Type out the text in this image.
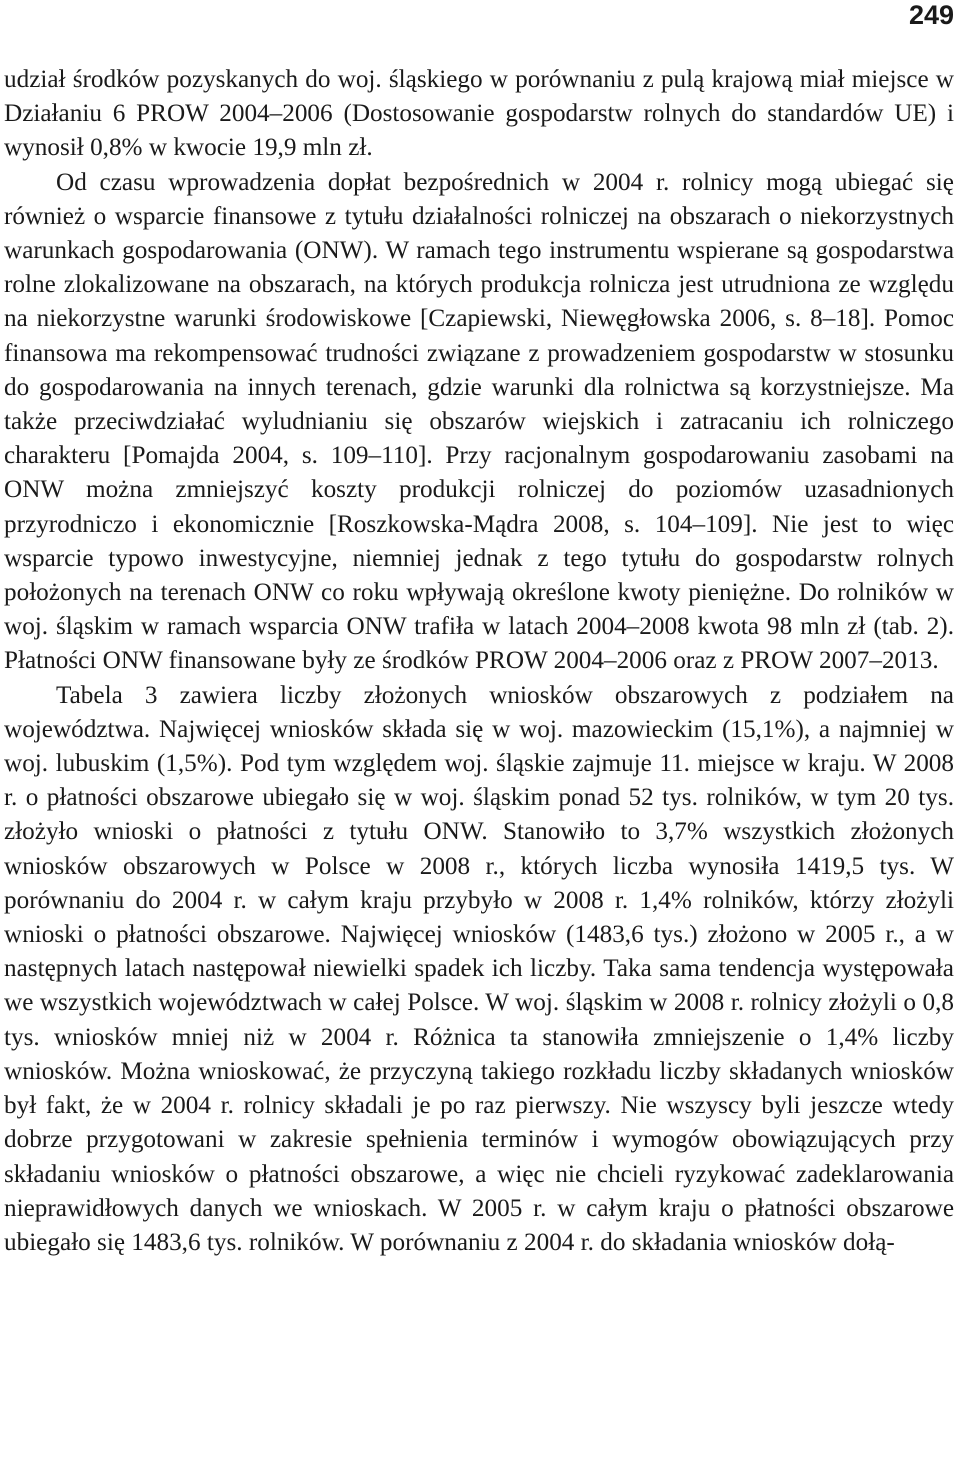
249

udział środków pozyskanych do woj. śląskiego w porównaniu z pulą krajową miał miejsce w Działaniu 6 PROW 2004–2006 (Dostosowanie gospodarstw rolnych do standardów UE) i wynosił 0,8% w kwocie 19,9 mln zł.

Od czasu wprowadzenia dopłat bezpośrednich w 2004 r. rolnicy mogą ubiegać się również o wsparcie finansowe z tytułu działalności rolniczej na obszarach o niekorzystnych warunkach gospodarowania (ONW). W ramach tego instrumentu wspierane są gospodarstwa rolne zlokalizowane na obszarach, na których produkcja rolnicza jest utrudniona ze względu na niekorzystne warunki środowiskowe [Czapiewski, Niewęgłowska 2006, s. 8–18]. Pomoc finansowa ma rekompensować trudności związane z prowadzeniem gospodarstw w stosunku do gospodarowania na innych terenach, gdzie warunki dla rolnictwa są korzystniejsze. Ma także przeciwdziałać wyludnianiu się obszarów wiejskich i zatracaniu ich rolniczego charakteru [Pomajda 2004, s. 109–110]. Przy racjonalnym gospodarowaniu zasobami na ONW można zmniejszyć koszty produkcji rolniczej do poziomów uzasadnionych przyrodniczo i ekonomicznie [Roszkowska-Mądra 2008, s. 104–109]. Nie jest to więc wsparcie typowo inwestycyjne, niemniej jednak z tego tytułu do gospodarstw rolnych położonych na terenach ONW co roku wpływają określone kwoty pieniężne. Do rolników w woj. śląskim w ramach wsparcia ONW trafiła w latach 2004–2008 kwota 98 mln zł (tab. 2). Płatności ONW finansowane były ze środków PROW 2004–2006 oraz z PROW 2007–2013.

Tabela 3 zawiera liczby złożonych wniosków obszarowych z podziałem na województwa. Najwięcej wniosków składa się w woj. mazowieckim (15,1%), a najmniej w woj. lubuskim (1,5%). Pod tym względem woj. śląskie zajmuje 11. miejsce w kraju. W 2008 r. o płatności obszarowe ubiegało się w woj. śląskim ponad 52 tys. rolników, w tym 20 tys. złożyło wnioski o płatności z tytułu ONW. Stanowiło to 3,7% wszystkich złożonych wniosków obszarowych w Polsce w 2008 r., których liczba wynosiła 1419,5 tys. W porównaniu do 2004 r. w całym kraju przybyło w 2008 r. 1,4% rolników, którzy złożyli wnioski o płatności obszarowe. Najwięcej wniosków (1483,6 tys.) złożono w 2005 r., a w następnych latach następował niewielki spadek ich liczby. Taka sama tendencja występowała we wszystkich województwach w całej Polsce. W woj. śląskim w 2008 r. rolnicy złożyli o 0,8 tys. wniosków mniej niż w 2004 r. Różnica ta stanowiła zmniejszenie o 1,4% liczby wniosków. Można wnioskować, że przyczyną takiego rozkładu liczby składanych wniosków był fakt, że w 2004 r. rolnicy składali je po raz pierwszy. Nie wszyscy byli jeszcze wtedy dobrze przygotowani w zakresie spełnienia terminów i wymogów obowiązujących przy składaniu wniosków o płatności obszarowe, a więc nie chcieli ryzykować zadeklarowania nieprawidłowych danych we wnioskach. W 2005 r. w całym kraju o płatności obszarowe ubiegało się 1483,6 tys. rolników. W porównaniu z 2004 r. do składania wniosków dołą-
